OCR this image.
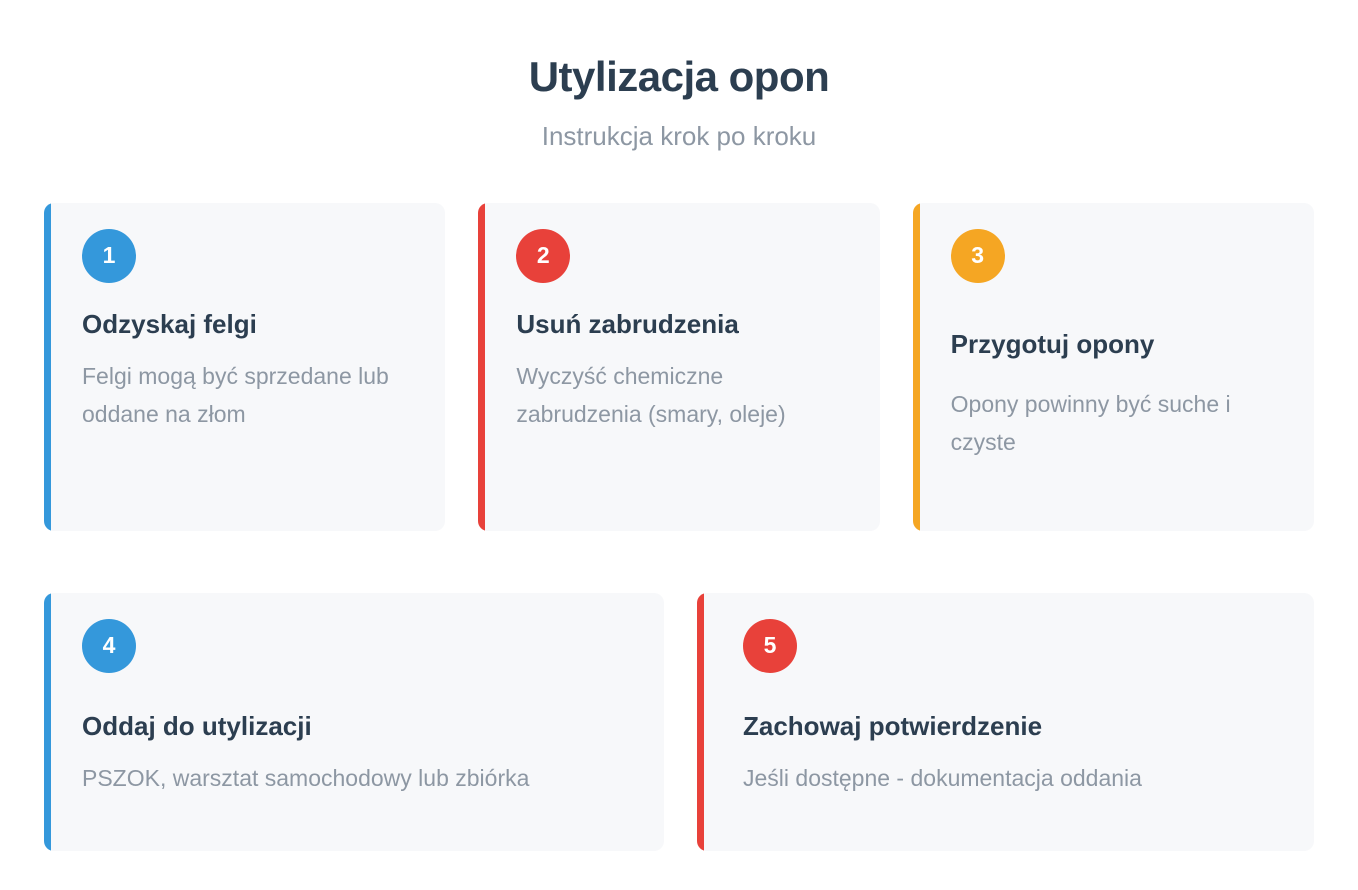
Utylizacja opon

Instrukcja krok po kroku

1
Odzyskaj felgi
Felgi mogą być sprzedane lub oddane na złom
2
Usuń zabrudzenia
Wyczyść chemiczne zabrudzenia (smary, oleje)
3
Przygotuj opony
Opony powinny być suche i czyste
4
Oddaj do utylizacji
PSZOK, warsztat samochodowy lub zbiórka
5
Zachowaj potwierdzenie
Jeśli dostępne - dokumentacja oddania
